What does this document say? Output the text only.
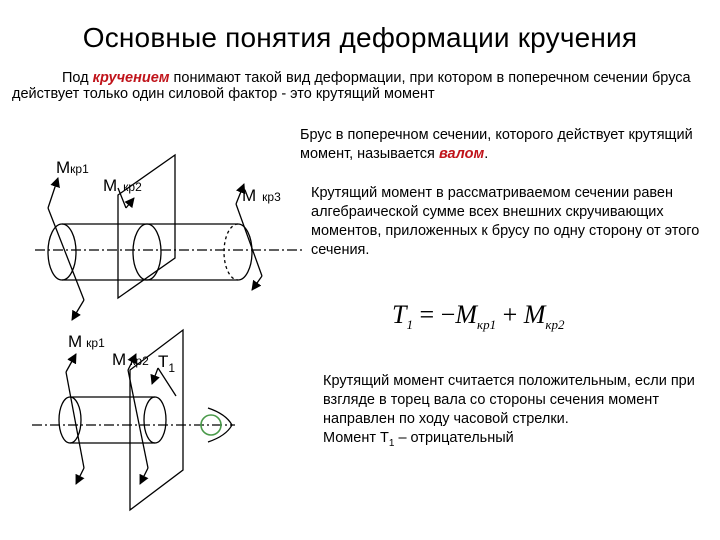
Основные понятия деформации кручения
Под кручением понимают такой вид деформации, при котором в поперечном сечении бруса действует только один силовой фактор - это крутящий момент
Брус в поперечном сечении, которого действует крутящий момент, называется валом.
Крутящий момент в рассматриваемом сечении равен алгебраической сумме всех внешних скручивающих моментов, приложенных к брусу по одну сторону от этого сечения.
$T_1 = -M_{кр1} + M_{кр2}$
Крутящий момент считается положительным, если при взгляде в торец вала со стороны сечения момент направлен по ходу часовой стрелки.
Момент $Т_1$ – отрицательный
Мкр1
М кр2	М кр3
М кр1
М кр2 $Т_1$
